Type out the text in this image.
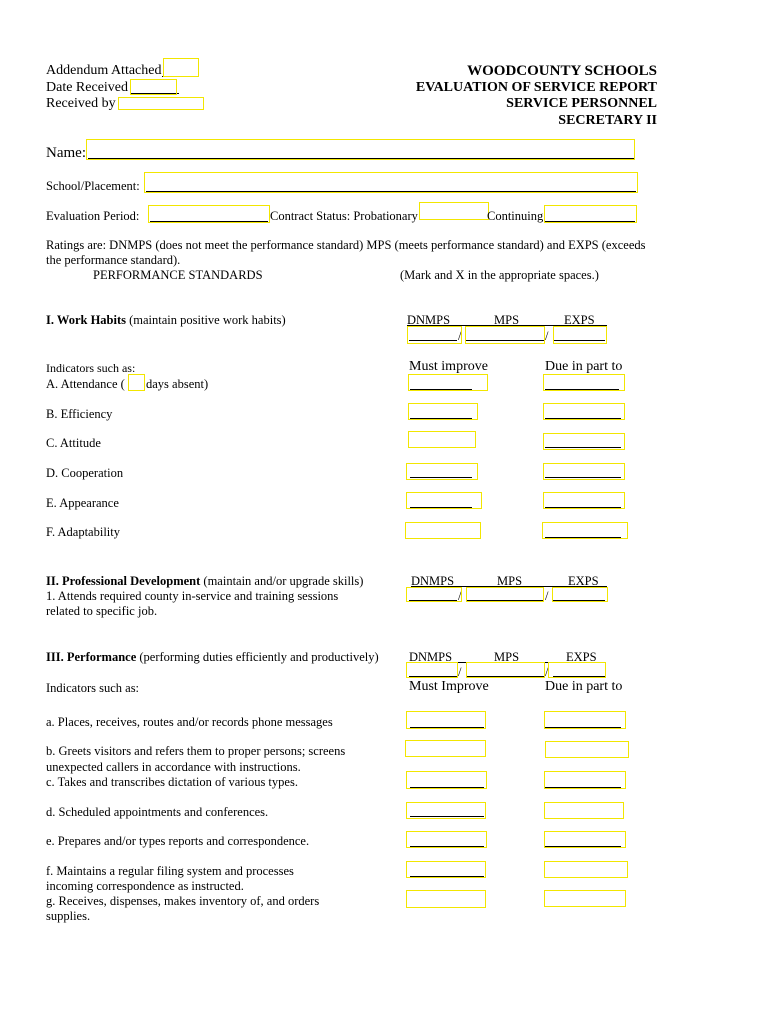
Addendum Attached
Date Received
Received by
WOODCOUNTY SCHOOLS
EVALUATION OF SERVICE REPORT
SERVICE PERSONNEL
SECRETARY II
Name:
School/Placement:
Evaluation Period:	Contract Status: Probationary	Continuing
Ratings are: DNMPS (does not meet the performance standard) MPS (meets performance standard) and EXPS (exceeds
the performance standard).
PERFORMANCE STANDARDS	(Mark and X in the appropriate spaces.)
I. Work Habits (maintain positive work habits)	DNMPS	MPS	EXPS
/	/
Indicators such as:	Must improve	Due in part to
A. Attendance ( days absent)
B. Efficiency
C. Attitude
D. Cooperation
E. Appearance
F. Adaptability
II. Professional Development (maintain and/or upgrade skills)
1. Attends required county in-service and training sessions
related to specific job.
DNMPS	MPS	EXPS
/	/
III. Performance (performing duties efficiently and productively) DNMPS	MPS	EXPS
/	/
Indicators such as:	Must Improve	Due in part to
a. Places, receives, routes and/or records phone messages
b. Greets visitors and refers them to proper persons; screens
unexpected callers in accordance with instructions.
c. Takes and transcribes dictation of various types.
d. Scheduled appointments and conferences.
e. Prepares and/or types reports and correspondence.
f. Maintains a regular filing system and processes
incoming correspondence as instructed.
g. Receives, dispenses, makes inventory of, and orders
supplies.
